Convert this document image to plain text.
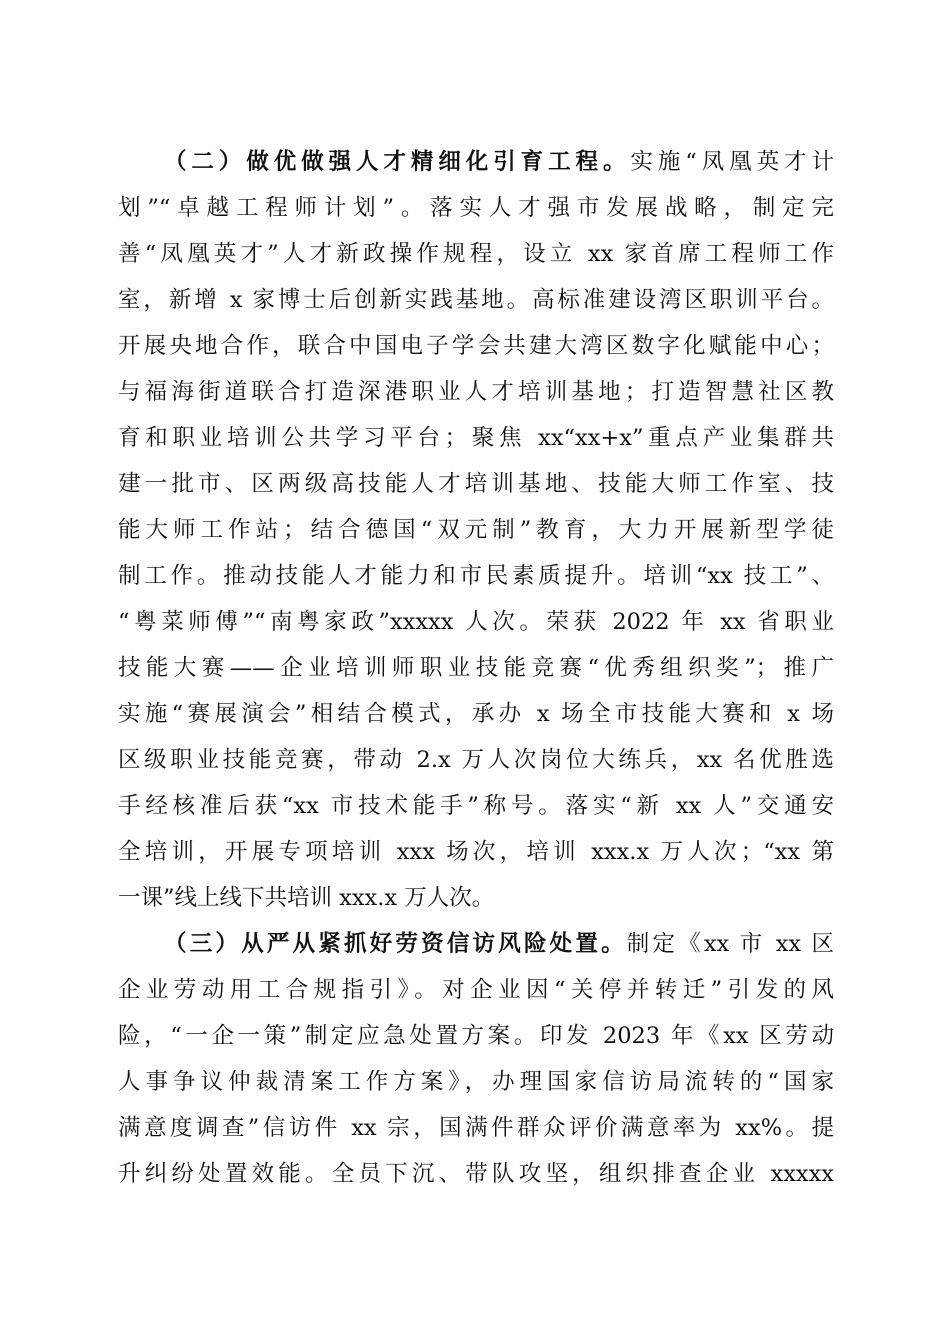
（二）做优做强人才精细化引育工程。实施“凤凰英才计
划”“卓越工程师计划”。落实人才强市发展战略，制定完
善“凤凰英才”人才新政操作规程，设立 xx 家首席工程师工作
室，新增 x 家博士后创新实践基地。高标准建设湾区职训平台。
开展央地合作，联合中国电子学会共建大湾区数字化赋能中心；
与福海街道联合打造深港职业人才培训基地；打造智慧社区教
育和职业培训公共学习平台；聚焦 xx“xx+x”重点产业集群共
建一批市、区两级高技能人才培训基地、技能大师工作室、技
能大师工作站；结合德国“双元制”教育，大力开展新型学徒
制工作。推动技能人才能力和市民素质提升。培训“xx 技工”、
“粤菜师傅”“南粤家政”xxxxx 人次。荣获 2022 年 xx 省职业
技能大赛——企业培训师职业技能竞赛“优秀组织奖”；推广
实施“赛展演会”相结合模式，承办 x 场全市技能大赛和 x 场
区级职业技能竞赛，带动 2.x 万人次岗位大练兵，xx 名优胜选
手经核准后获“xx 市技术能手”称号。落实“新 xx 人”交通安
全培训，开展专项培训 xxx 场次，培训 xxx.x 万人次；“xx 第
一课”线上线下共培训 xxx.x 万人次。
（三）从严从紧抓好劳资信访风险处置。制定《xx 市 xx 区
企业劳动用工合规指引》。对企业因“关停并转迁”引发的风
险，“一企一策”制定应急处置方案。印发 2023 年《xx 区劳动
人事争议仲裁清案工作方案》，办理国家信访局流转的“国家
满意度调查”信访件 xx 宗，国满件群众评价满意率为 xx%。提
升纠纷处置效能。全员下沉、带队攻坚，组织排查企业 xxxxx
